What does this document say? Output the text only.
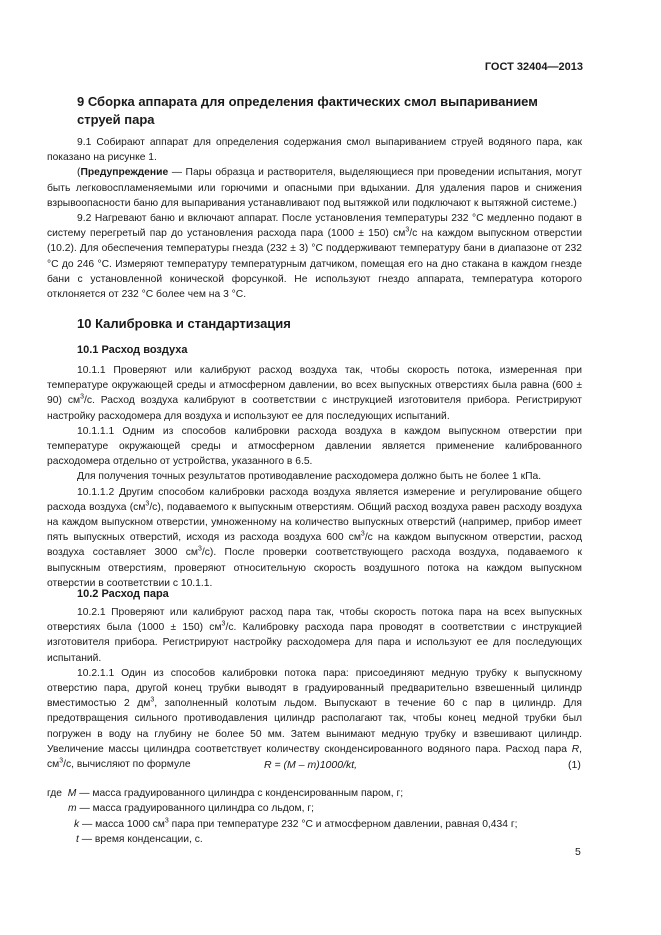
ГОСТ 32404—2013
9 Сборка аппарата для определения фактических смол выпариванием
струей пара

9.1 Собирают аппарат для определения содержания смол выпариванием струей водяного пара, как показано на рисунке 1.

(Предупреждение — Пары образца и растворителя, выделяющиеся при проведении испытания, могут быть легковоспламеняемыми или горючими и опасными при вдыхании. Для удаления паров и снижения взрывоопасности баню для выпаривания устанавливают под вытяжкой или подключают к вытяжной системе.)

9.2 Нагревают баню и включают аппарат. После установления температуры 232 °С медленно подают в систему перегретый пар до установления расхода пара (1000 ± 150) $см^3/с$ на каждом выпускном отверстии (10.2). Для обеспечения температуры гнезда (232 ± 3) °С поддерживают температуру бани в диапазоне от 232 °С до 246 °С. Измеряют температуру температурным датчиком, помещая его на дно стакана в каждом гнезде бани с установленной конической форсункой. Не используют гнездо аппарата, температура которого отклоняется от 232 °С более чем на 3 °С.

10 Калибровка и стандартизация
10.1 Расход воздуха

10.1.1 Проверяют или калибруют расход воздуха так, чтобы скорость потока, измеренная при температуре окружающей среды и атмосферном давлении, во всех выпускных отверстиях была равна (600 ± 90) $см^3/с$. Расход воздуха калибруют в соответствии с инструкцией изготовителя прибора. Регистрируют настройку расходомера для воздуха и используют ее для последующих испытаний.

10.1.1.1 Одним из способов калибровки расхода воздуха в каждом выпускном отверстии при температуре окружающей среды и атмосферном давлении является применение калиброванного расходомера отдельно от устройства, указанного в 6.5.

Для получения точных результатов противодавление расходомера должно быть не более 1 кПа.

10.1.1.2 Другим способом калибровки расхода воздуха является измерение и регулирование общего расхода воздуха $(см^3/с)$, подаваемого к выпускным отверстиям. Общий расход воздуха равен расходу воздуха на каждом выпускном отверстии, умноженному на количество выпускных отверстий (например, прибор имеет пять выпускных отверстий, исходя из расхода воздуха 600 $см^3/с$ на каждом выпускном отверстии, расход воздуха составляет 3000 $см^3/с$). После проверки соответствующего расхода воздуха, подаваемого к выпускным отверстиям, проверяют относительную скорость воздушного потока на каждом выпускном отверстии в соответствии с 10.1.1.

10.2 Расход пара

10.2.1 Проверяют или калибруют расход пара так, чтобы скорость потока пара на всех выпускных отверстиях была (1000 ± 150) $см^3/с$. Калибровку расхода пара проводят в соответствии с инструкцией изготовителя прибора. Регистрируют настройку расходомера для пара и используют ее для последующих испытаний.

10.2.1.1 Один из способов калибровки потока пара: присоединяют медную трубку к выпускному отверстию пара, другой конец трубки выводят в градуированный предварительно взвешенный цилиндр вместимостью 2 $дм^3$, заполненный колотым льдом. Выпускают в течение 60 с пар в цилиндр. Для предотвращения сильного противодавления цилиндр располагают так, чтобы конец медной трубки был погружен в воду на глубину не более 50 мм. Затем вынимают медную трубку и взвешивают цилиндр. Увеличение массы цилиндра соответствует количеству сконденсированного водяного пара. Расход пара R, $см^3/с$, вычисляют по формуле	R = (M – m)1000/kt,	(1)
где M — масса градуированного цилиндра с конденсированным паром, г;
m — масса градуированного цилиндра со льдом, г;
k — масса 1000 $см^3$ пара при температуре 232 °С и атмосферном давлении, равная 0,434 г;
t — время конденсации, с.
5
